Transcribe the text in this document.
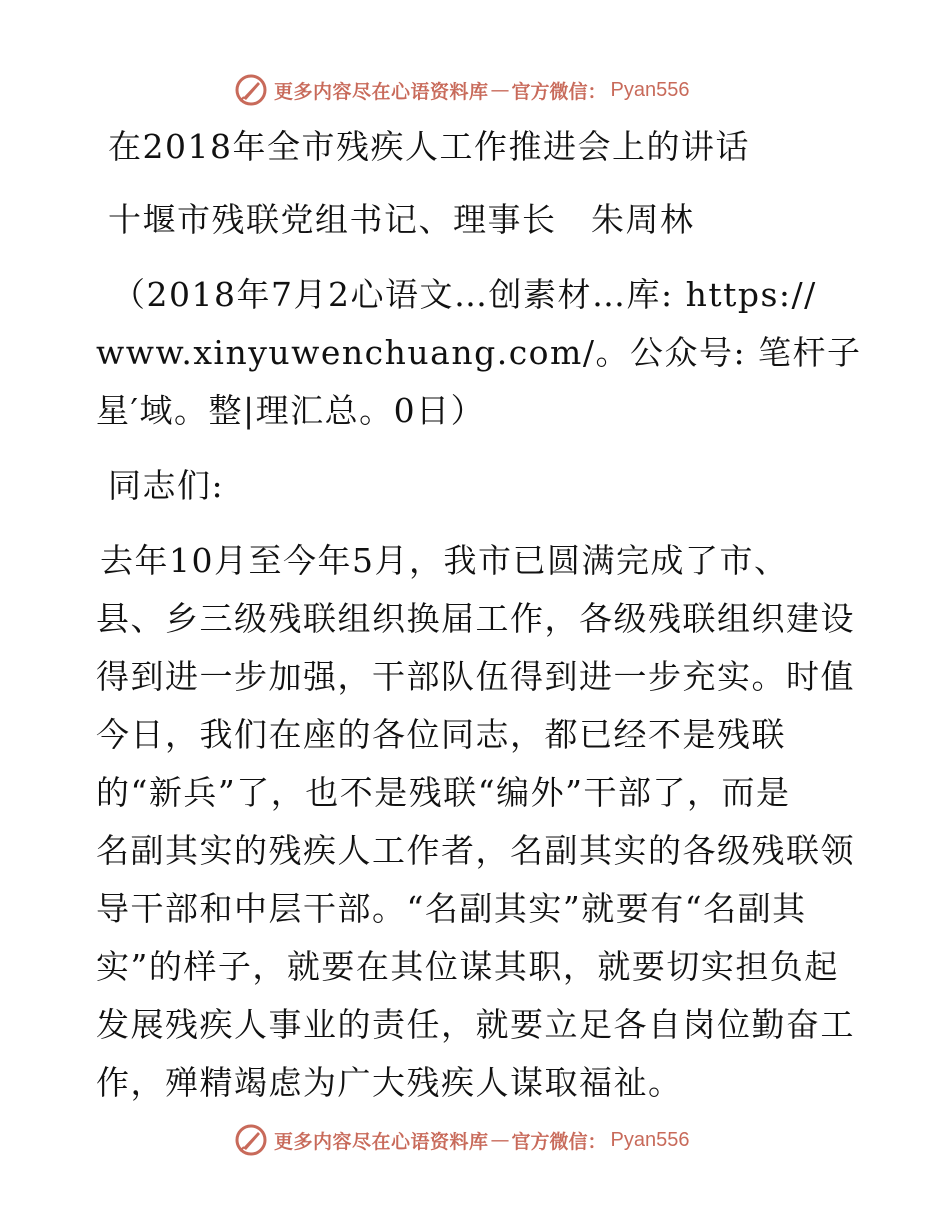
更多内容尽在心语资料库 — 官方微信： Pyan556
在2018年全市残疾人工作推进会上的讲话
十堰市残联党组书记、理事长　朱周林
（2018年7月2心语文…创素材…库: https://
www.xinyuwenchuang.com/。公众号: 笔杆子
星′域。整|理汇总。0日）
同志们:
去年10月至今年5月，我市已圆满完成了市、
县、乡三级残联组织换届工作，各级残联组织建设
得到进一步加强，干部队伍得到进一步充实。时值
今日，我们在座的各位同志，都已经不是残联
的“新兵”了，也不是残联“编外”干部了，而是
名副其实的残疾人工作者，名副其实的各级残联领
导干部和中层干部。“名副其实”就要有“名副其
实”的样子，就要在其位谋其职，就要切实担负起
发展残疾人事业的责任，就要立足各自岗位勤奋工
作，殚精竭虑为广大残疾人谋取福祉。
更多内容尽在心语资料库 — 官方微信： Pyan556
